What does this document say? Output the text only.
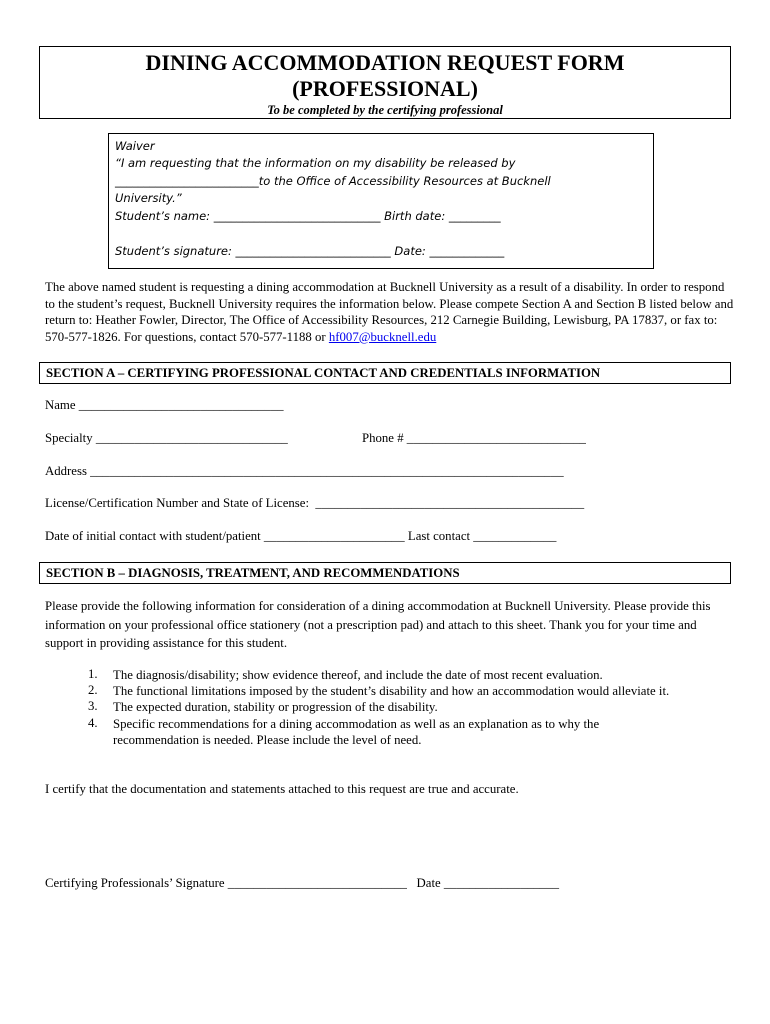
DINING ACCOMMODATION REQUEST FORM
(PROFESSIONAL)
To be completed by the certifying professional
Waiver
“I am requesting that the information on my disability be released by
_________________________to the Office of Accessibility Resources at Bucknell
University.”
Student’s name: _____________________________ Birth date: _________
Student’s signature: ___________________________ Date: _____________
The above named student is requesting a dining accommodation at Bucknell University as a result of a disability. In order to respond to the student’s request, Bucknell University requires the information below. Please compete Section A and Section B listed below and return to: Heather Fowler, Director, The Office of Accessibility Resources, 212 Carnegie Building, Lewisburg, PA 17837, or fax to: 570-577-1826. For questions, contact 570-577-1188 or hf007@bucknell.edu
SECTION A – CERTIFYING PROFESSIONAL CONTACT AND CREDENTIALS INFORMATION
Name ________________________________
Specialty ______________________________	Phone # ____________________________
Address __________________________________________________________________________
License/Certification Number and State of License:  __________________________________________
Date of initial contact with student/patient ______________________ Last contact _____________
SECTION B – DIAGNOSIS, TREATMENT, AND RECOMMENDATIONS
Please provide the following information for consideration of a dining accommodation at Bucknell University. Please provide this information on your professional office stationery (not a prescription pad) and attach to this sheet. Thank you for your time and support in providing assistance for this student.
1. The diagnosis/disability; show evidence thereof, and include the date of most recent evaluation.
2. The functional limitations imposed by the student’s disability and how an accommodation would alleviate it.
3. The expected duration, stability or progression of the disability.
4. Specific recommendations for a dining accommodation as well as an explanation as to why the recommendation is needed. Please include the level of need.
I certify that the documentation and statements attached to this request are true and accurate.
Certifying Professionals’ Signature ____________________________   Date __________________
